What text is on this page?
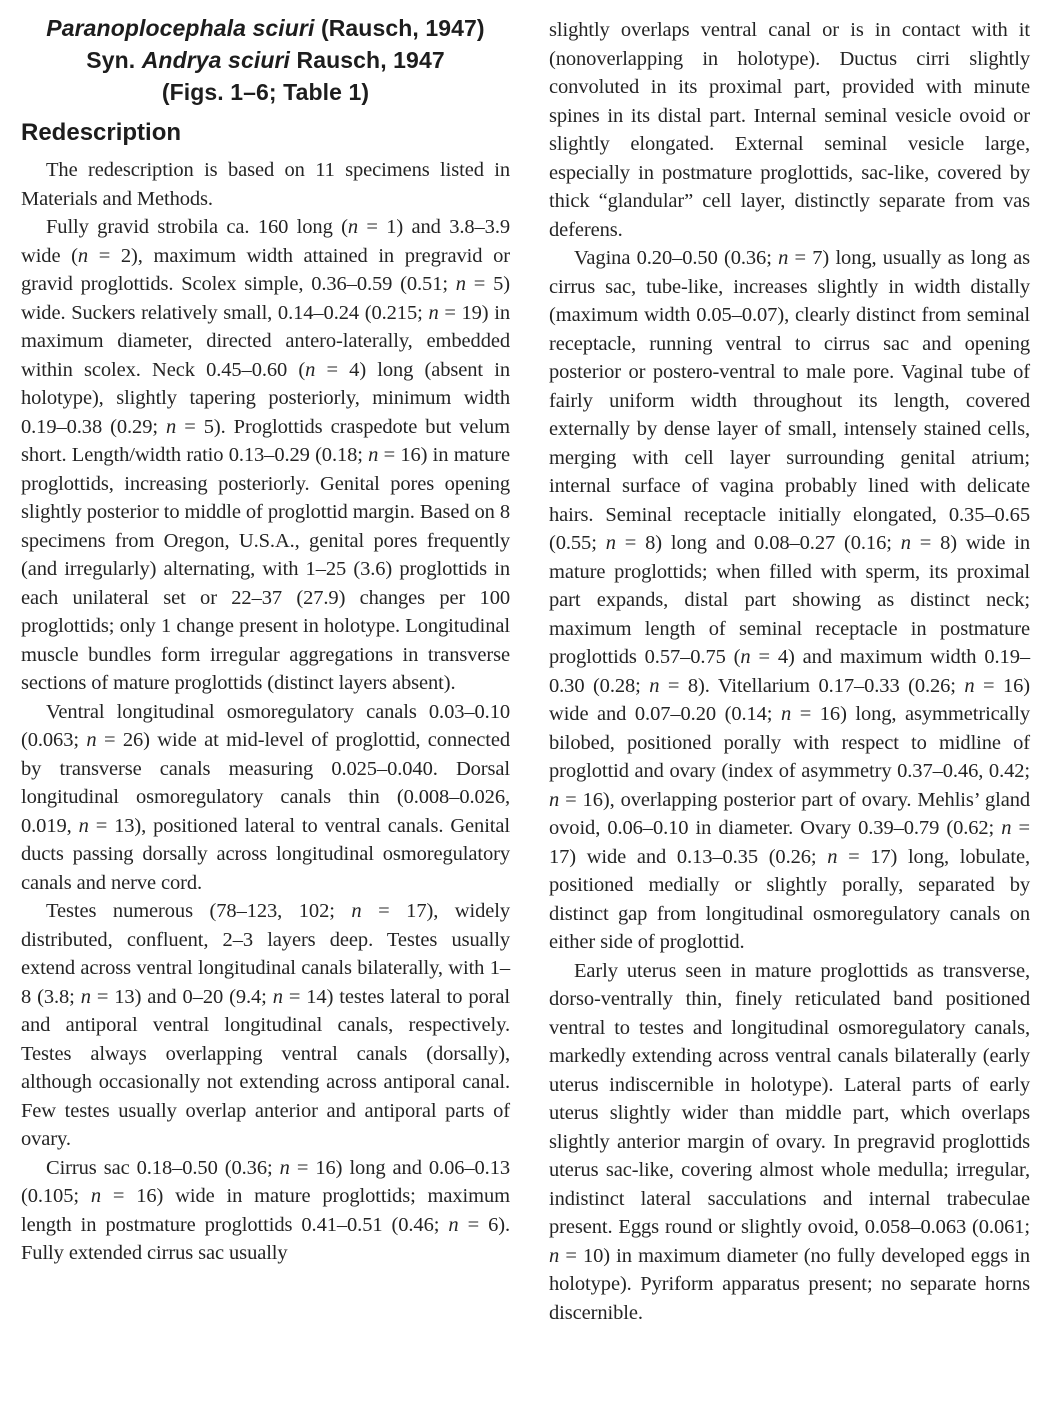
Paranoplocephala sciuri (Rausch, 1947)
Syn. Andrya sciuri Rausch, 1947
(Figs. 1–6; Table 1)
Redescription

The redescription is based on 11 specimens listed in Materials and Methods.

Fully gravid strobila ca. 160 long (n = 1) and 3.8–3.9 wide (n = 2), maximum width attained in pregravid or gravid proglottids. Scolex simple, 0.36–0.59 (0.51; n = 5) wide. Suckers relatively small, 0.14–0.24 (0.215; n = 19) in maximum diameter, directed antero-laterally, embedded within scolex. Neck 0.45–0.60 (n = 4) long (absent in holotype), slightly tapering posteriorly, minimum width 0.19–0.38 (0.29; n = 5). Proglottids craspedote but velum short. Length/width ratio 0.13–0.29 (0.18; n = 16) in mature proglottids, increasing posteriorly. Genital pores opening slightly posterior to middle of proglottid margin. Based on 8 specimens from Oregon, U.S.A., genital pores frequently (and irregularly) alternating, with 1–25 (3.6) proglottids in each unilateral set or 22–37 (27.9) changes per 100 proglottids; only 1 change present in holotype. Longitudinal muscle bundles form irregular aggregations in transverse sections of mature proglottids (distinct layers absent).

Ventral longitudinal osmoregulatory canals 0.03–0.10 (0.063; n = 26) wide at mid-level of proglottid, connected by transverse canals measuring 0.025–0.040. Dorsal longitudinal osmoregulatory canals thin (0.008–0.026, 0.019, n = 13), positioned lateral to ventral canals. Genital ducts passing dorsally across longitudinal osmoregulatory canals and nerve cord.

Testes numerous (78–123, 102; n = 17), widely distributed, confluent, 2–3 layers deep. Testes usually extend across ventral longitudinal canals bilaterally, with 1–8 (3.8; n = 13) and 0–20 (9.4; n = 14) testes lateral to poral and antiporal ventral longitudinal canals, respectively. Testes always overlapping ventral canals (dorsally), although occasionally not extending across antiporal canal. Few testes usually overlap anterior and antiporal parts of ovary.

Cirrus sac 0.18–0.50 (0.36; n = 16) long and 0.06–0.13 (0.105; n = 16) wide in mature proglottids; maximum length in postmature proglottids 0.41–0.51 (0.46; n = 6). Fully extended cirrus sac usually

slightly overlaps ventral canal or is in contact with it (nonoverlapping in holotype). Ductus cirri slightly convoluted in its proximal part, provided with minute spines in its distal part. Internal seminal vesicle ovoid or slightly elongated. External seminal vesicle large, especially in postmature proglottids, sac-like, covered by thick “glandular” cell layer, distinctly separate from vas deferens.

Vagina 0.20–0.50 (0.36; n = 7) long, usually as long as cirrus sac, tube-like, increases slightly in width distally (maximum width 0.05–0.07), clearly distinct from seminal receptacle, running ventral to cirrus sac and opening posterior or postero-ventral to male pore. Vaginal tube of fairly uniform width throughout its length, covered externally by dense layer of small, intensely stained cells, merging with cell layer surrounding genital atrium; internal surface of vagina probably lined with delicate hairs. Seminal receptacle initially elongated, 0.35–0.65 (0.55; n = 8) long and 0.08–0.27 (0.16; n = 8) wide in mature proglottids; when filled with sperm, its proximal part expands, distal part showing as distinct neck; maximum length of seminal receptacle in postmature proglottids 0.57–0.75 (n = 4) and maximum width 0.19–0.30 (0.28; n = 8). Vitellarium 0.17–0.33 (0.26; n = 16) wide and 0.07–0.20 (0.14; n = 16) long, asymmetrically bilobed, positioned porally with respect to midline of proglottid and ovary (index of asymmetry 0.37–0.46, 0.42; n = 16), overlapping posterior part of ovary. Mehlis’ gland ovoid, 0.06–0.10 in diameter. Ovary 0.39–0.79 (0.62; n = 17) wide and 0.13–0.35 (0.26; n = 17) long, lobulate, positioned medially or slightly porally, separated by distinct gap from longitudinal osmoregulatory canals on either side of proglottid.

Early uterus seen in mature proglottids as transverse, dorso-ventrally thin, finely reticulated band positioned ventral to testes and longitudinal osmoregulatory canals, markedly extending across ventral canals bilaterally (early uterus indiscernible in holotype). Lateral parts of early uterus slightly wider than middle part, which overlaps slightly anterior margin of ovary. In pregravid proglottids uterus sac-like, covering almost whole medulla; irregular, indistinct lateral sacculations and internal trabeculae present. Eggs round or slightly ovoid, 0.058–0.063 (0.061; n = 10) in maximum diameter (no fully developed eggs in holotype). Pyriform apparatus present; no separate horns discernible.
